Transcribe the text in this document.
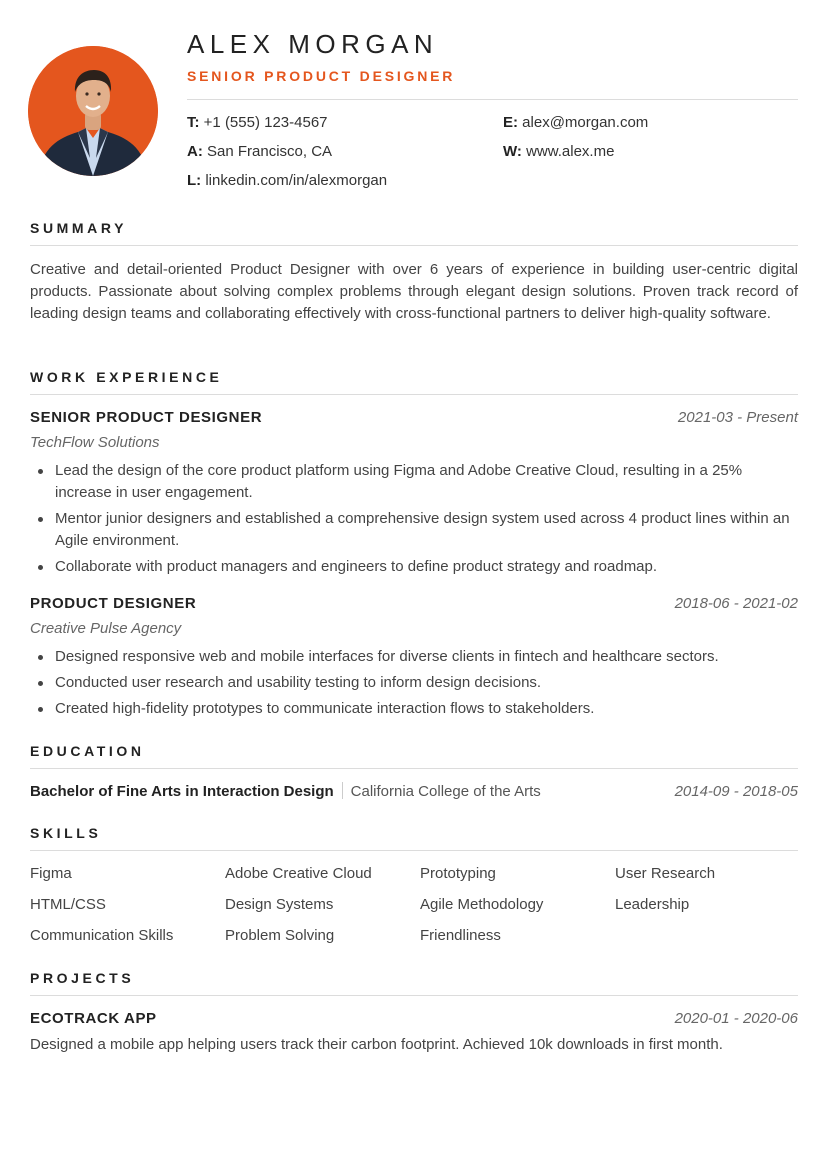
ALEX MORGAN
SENIOR PRODUCT DESIGNER
T: +1 (555) 123-4567	E: alex@morgan.com
A: San Francisco, CA	W: www.alex.me
L: linkedin.com/in/alexmorgan
SUMMARY

Creative and detail-oriented Product Designer with over 6 years of experience in building user-centric digital products. Passionate about solving complex problems through elegant design solutions. Proven track record of leading design teams and collaborating effectively with cross-functional partners to deliver high-quality software.

WORK EXPERIENCE
SENIOR PRODUCT DESIGNER	2021-03 - Present
TechFlow Solutions
Lead the design of the core product platform using Figma and Adobe Creative Cloud, resulting in a 25% increase in user engagement.
Mentor junior designers and established a comprehensive design system used across 4 product lines within an Agile environment.
Collaborate with product managers and engineers to define product strategy and roadmap.
PRODUCT DESIGNER	2018-06 - 2021-02
Creative Pulse Agency
Designed responsive web and mobile interfaces for diverse clients in fintech and healthcare sectors.
Conducted user research and usability testing to inform design decisions.
Created high-fidelity prototypes to communicate interaction flows to stakeholders.
EDUCATION
Bachelor of Fine Arts in Interaction Design California College of the Arts	2014-09 - 2018-05
SKILLS
Figma	Adobe Creative Cloud	Prototyping	User Research
HTML/CSS	Design Systems	Agile Methodology	Leadership
Communication Skills	Problem Solving	Friendliness
PROJECTS
ECOTRACK APP	2020-01 - 2020-06
Designed a mobile app helping users track their carbon footprint. Achieved 10k downloads in first month.
